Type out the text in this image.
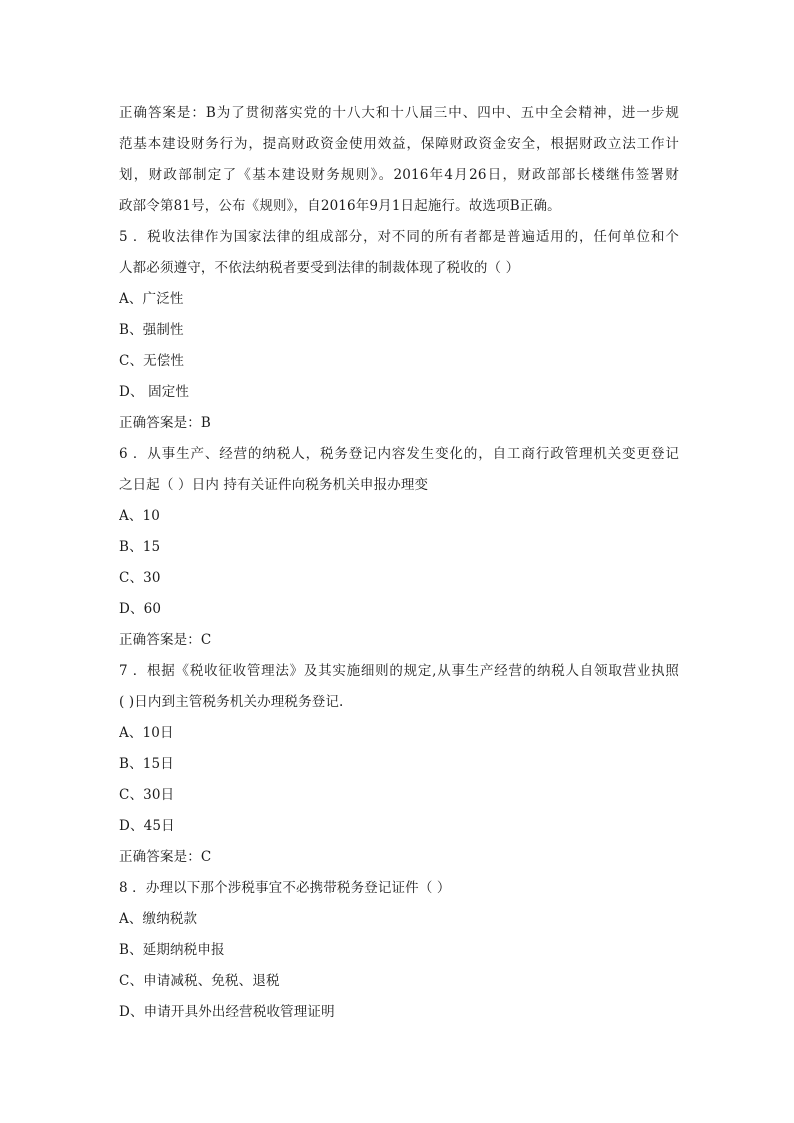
正确答案是：B为了贯彻落实党的十八大和十八届三中、四中、五中全会精神，进一步规
范基本建设财务行为，提高财政资金使用效益，保障财政资金安全，根据财政立法工作计
划，财政部制定了《基本建设财务规则》。2016年4月26日，财政部部长楼继伟签署财
政部令第81号，公布《规则》，自2016年9月1日起施行。故选项B正确。
5 ．税收法律作为国家法律的组成部分，对不同的所有者都是普遍适用的，任何单位和个
人都必须遵守，不依法纳税者要受到法律的制裁体现了税收的（ ）
A、广泛性
B、强制性
C、无偿性
D、 固定性
正确答案是：B
6 ．从事生产、经营的纳税人，税务登记内容发生变化的，自工商行政管理机关变更登记
之日起（ ）日内 持有关证件向税务机关申报办理变
A、10
B、15
C、30
D、60
正确答案是：C
7 ．根据《税收征收管理法》及其实施细则的规定,从事生产经营的纳税人自领取营业执照
( )日内到主管税务机关办理税务登记.
A、10日
B、15日
C、30日
D、45日
正确答案是：C
8 ．办理以下那个涉税事宜不必携带税务登记证件（ ）
A、缴纳税款
B、延期纳税申报
C、申请减税、免税、退税
D、申请开具外出经营税收管理证明
